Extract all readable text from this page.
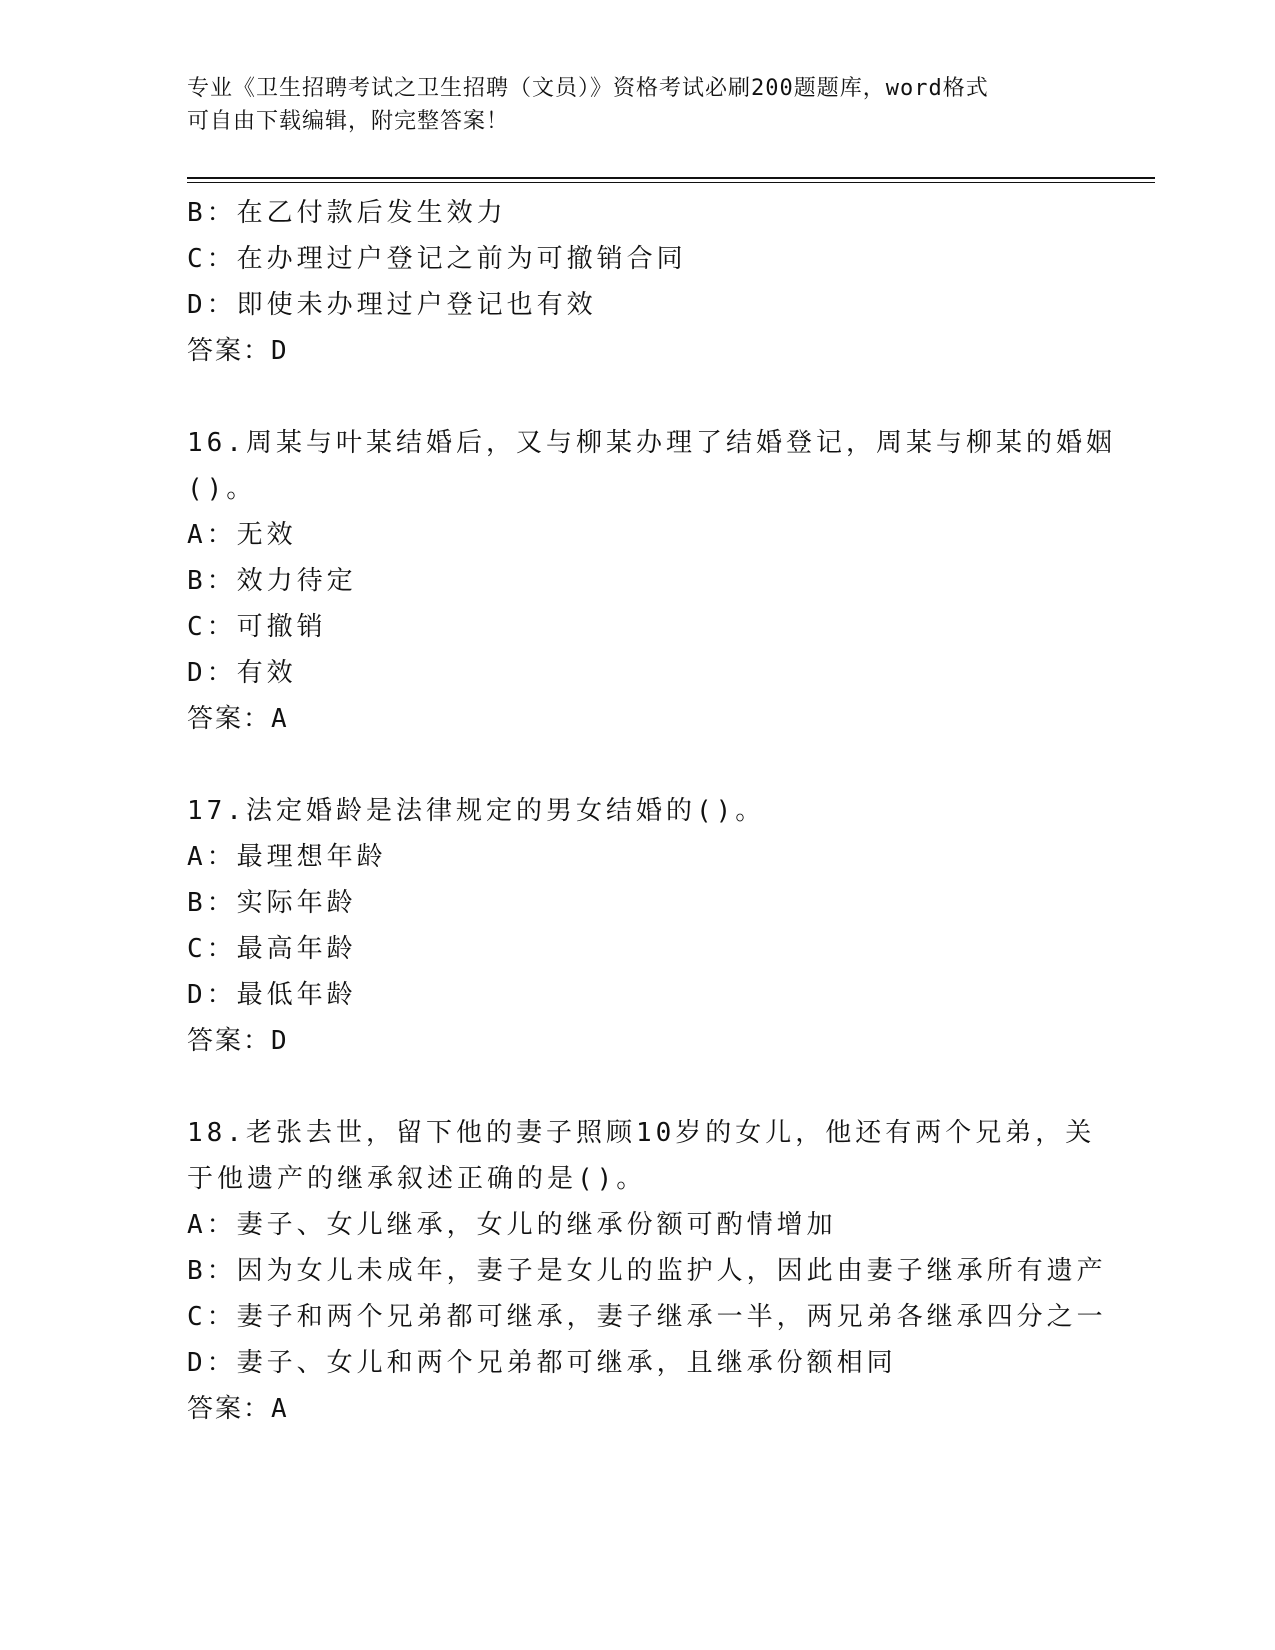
专业《卫生招聘考试之卫生招聘（文员）》资格考试必刷200题题库，word格式
可自由下载编辑，附完整答案！
B：在乙付款后发生效力
C：在办理过户登记之前为可撤销合同
D：即使未办理过户登记也有效
答案：D
16.周某与叶某结婚后，又与柳某办理了结婚登记，周某与柳某的婚姻
()。
A：无效
B：效力待定
C：可撤销
D：有效
答案：A
17.法定婚龄是法律规定的男女结婚的()。
A：最理想年龄
B：实际年龄
C：最高年龄
D：最低年龄
答案：D
18.老张去世，留下他的妻子照顾10岁的女儿，他还有两个兄弟，关
于他遗产的继承叙述正确的是()。
A：妻子、女儿继承，女儿的继承份额可酌情增加
B：因为女儿未成年，妻子是女儿的监护人，因此由妻子继承所有遗产
C：妻子和两个兄弟都可继承，妻子继承一半，两兄弟各继承四分之一
D：妻子、女儿和两个兄弟都可继承，且继承份额相同
答案：A
